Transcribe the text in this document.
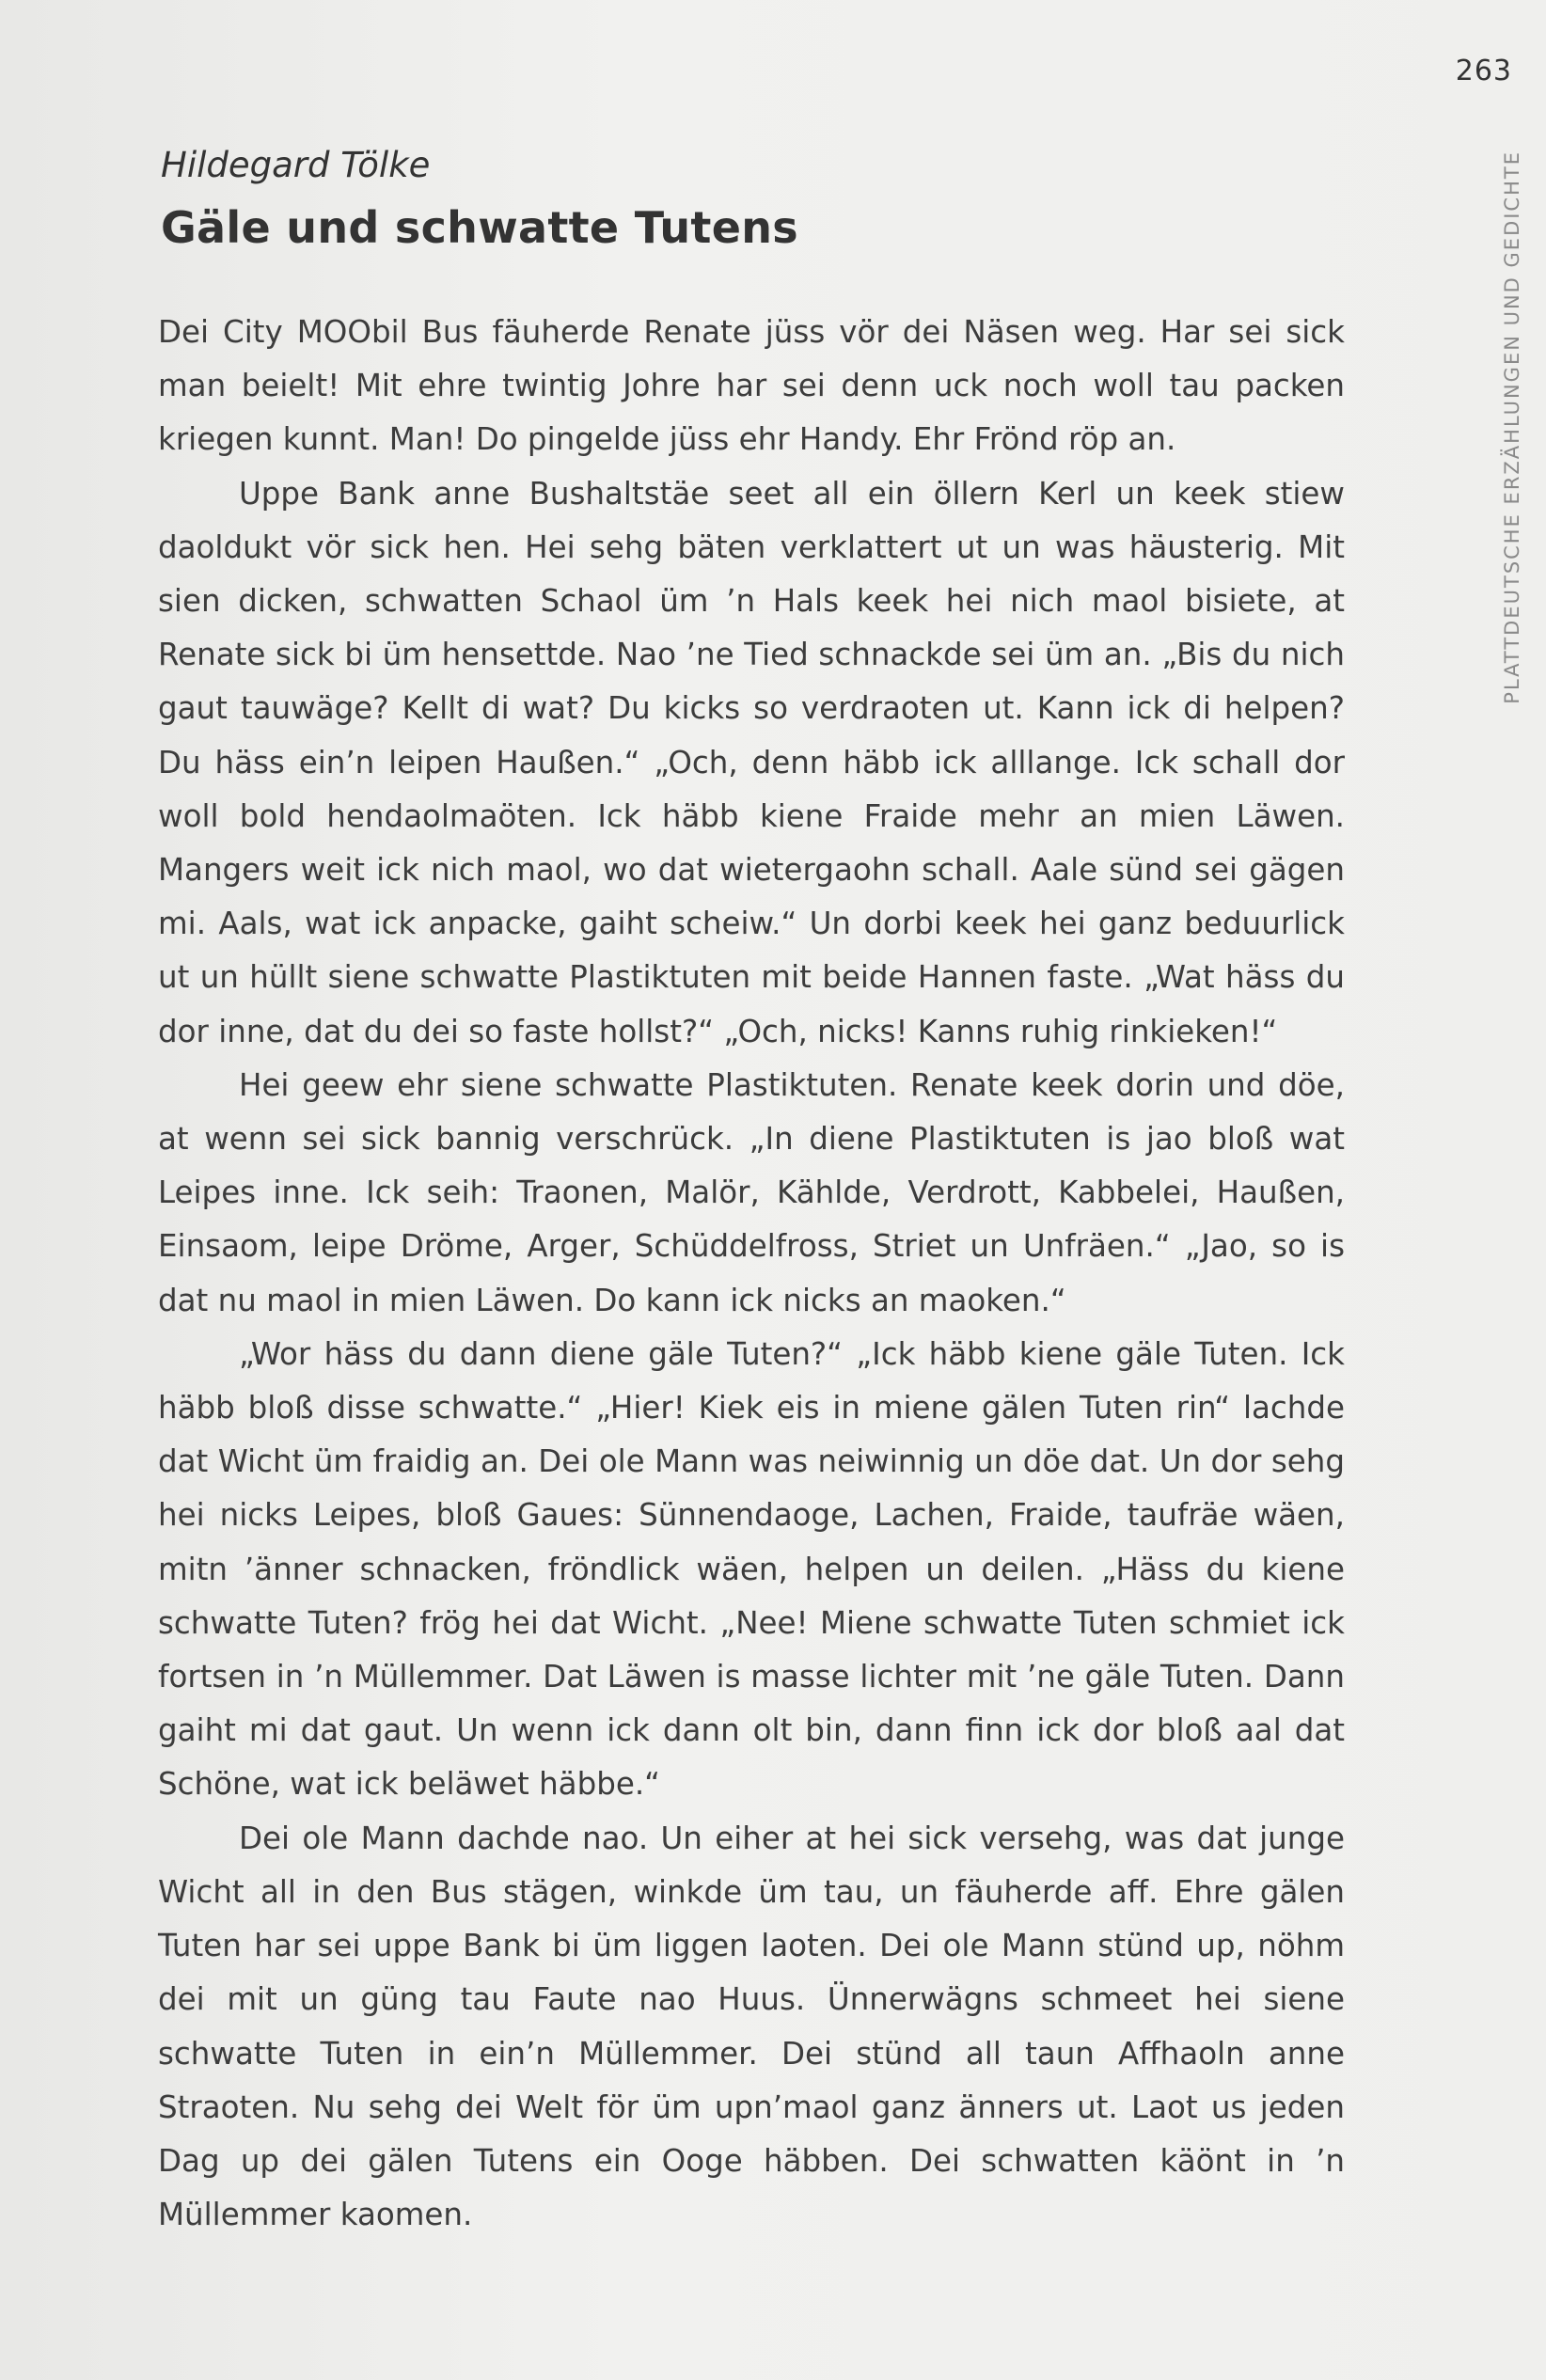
263
PLATTDEUTSCHE ERZÄHLUNGEN UND GEDICHTE
Hildegard Tölke
Gäle und schwatte Tutens

Dei City MOObil Bus fäuherde Renate jüss vör dei Näsen weg. Har sei sick man beielt! Mit ehre twintig Johre har sei denn uck noch woll tau packen kriegen kunnt. Man! Do pingelde jüss ehr Handy. Ehr Frönd röp an.

Uppe Bank anne Bushaltstäe seet all ein öllern Kerl un keek stiew daoldukt vör sick hen. Hei sehg bäten verklattert ut un was häusterig. Mit sien dicken, schwatten Schaol üm ’n Hals keek hei nich maol bisiete, at Renate sick bi üm hensettde. Nao ’ne Tied schnackde sei üm an. „Bis du nich gaut tauwäge? Kellt di wat? Du kicks so verdraoten ut. Kann ick di helpen? Du häss ein’n leipen Haußen.“ „Och, denn häbb ick alllange. Ick schall dor woll bold hendaolmaöten. Ick häbb kiene Fraide mehr an mien Läwen. Mangers weit ick nich maol, wo dat wietergaohn schall. Aale sünd sei gägen mi. Aals, wat ick anpacke, gaiht scheiw.“ Un dorbi keek hei ganz beduurlick ut un hüllt siene schwatte Plastiktuten mit beide Hannen faste. „Wat häss du dor inne, dat du dei so faste hollst?“ „Och, nicks! Kanns ruhig rinkieken!“

Hei geew ehr siene schwatte Plastiktuten. Renate keek dorin und döe, at wenn sei sick bannig verschrück. „In diene Plastiktuten is jao bloß wat Leipes inne. Ick seih: Traonen, Malör, Kählde, Verdrott, Kabbelei, Haußen, Einsaom, leipe Dröme, Arger, Schüddelfross, Striet un Unfräen.“ „Jao, so is dat nu maol in mien Läwen. Do kann ick nicks an maoken.“

„Wor häss du dann diene gäle Tuten?“ „Ick häbb kiene gäle Tuten. Ick häbb bloß disse schwatte.“ „Hier! Kiek eis in miene gälen Tuten rin“ lachde dat Wicht üm fraidig an. Dei ole Mann was neiwinnig un döe dat. Un dor sehg hei nicks Leipes, bloß Gaues: Sünnendaoge, Lachen, Fraide, taufräe wäen, mitn ’änner schnacken, fröndlick wäen, helpen un deilen. „Häss du kiene schwatte Tuten? frög hei dat Wicht. „Nee! Miene schwatte Tuten schmiet ick fortsen in ’n Müllemmer. Dat Läwen is masse lichter mit ’ne gäle Tuten. Dann gaiht mi dat gaut. Un wenn ick dann olt bin, dann finn ick dor bloß aal dat Schöne, wat ick beläwet häbbe.“

Dei ole Mann dachde nao. Un eiher at hei sick versehg, was dat junge Wicht all in den Bus stägen, winkde üm tau, un fäuherde aff. Ehre gälen Tuten har sei uppe Bank bi üm liggen laoten. Dei ole Mann stünd up, nöhm dei mit un güng tau Faute nao Huus. Ünnerwägns schmeet hei siene schwatte Tuten in ein’n Müllemmer. Dei stünd all taun Affhaoln anne Straoten. Nu sehg dei Welt för üm upn’maol ganz änners ut. Laot us jeden Dag up dei gälen Tutens ein Ooge häbben. Dei schwatten käönt in ’n Müllemmer kaomen.
